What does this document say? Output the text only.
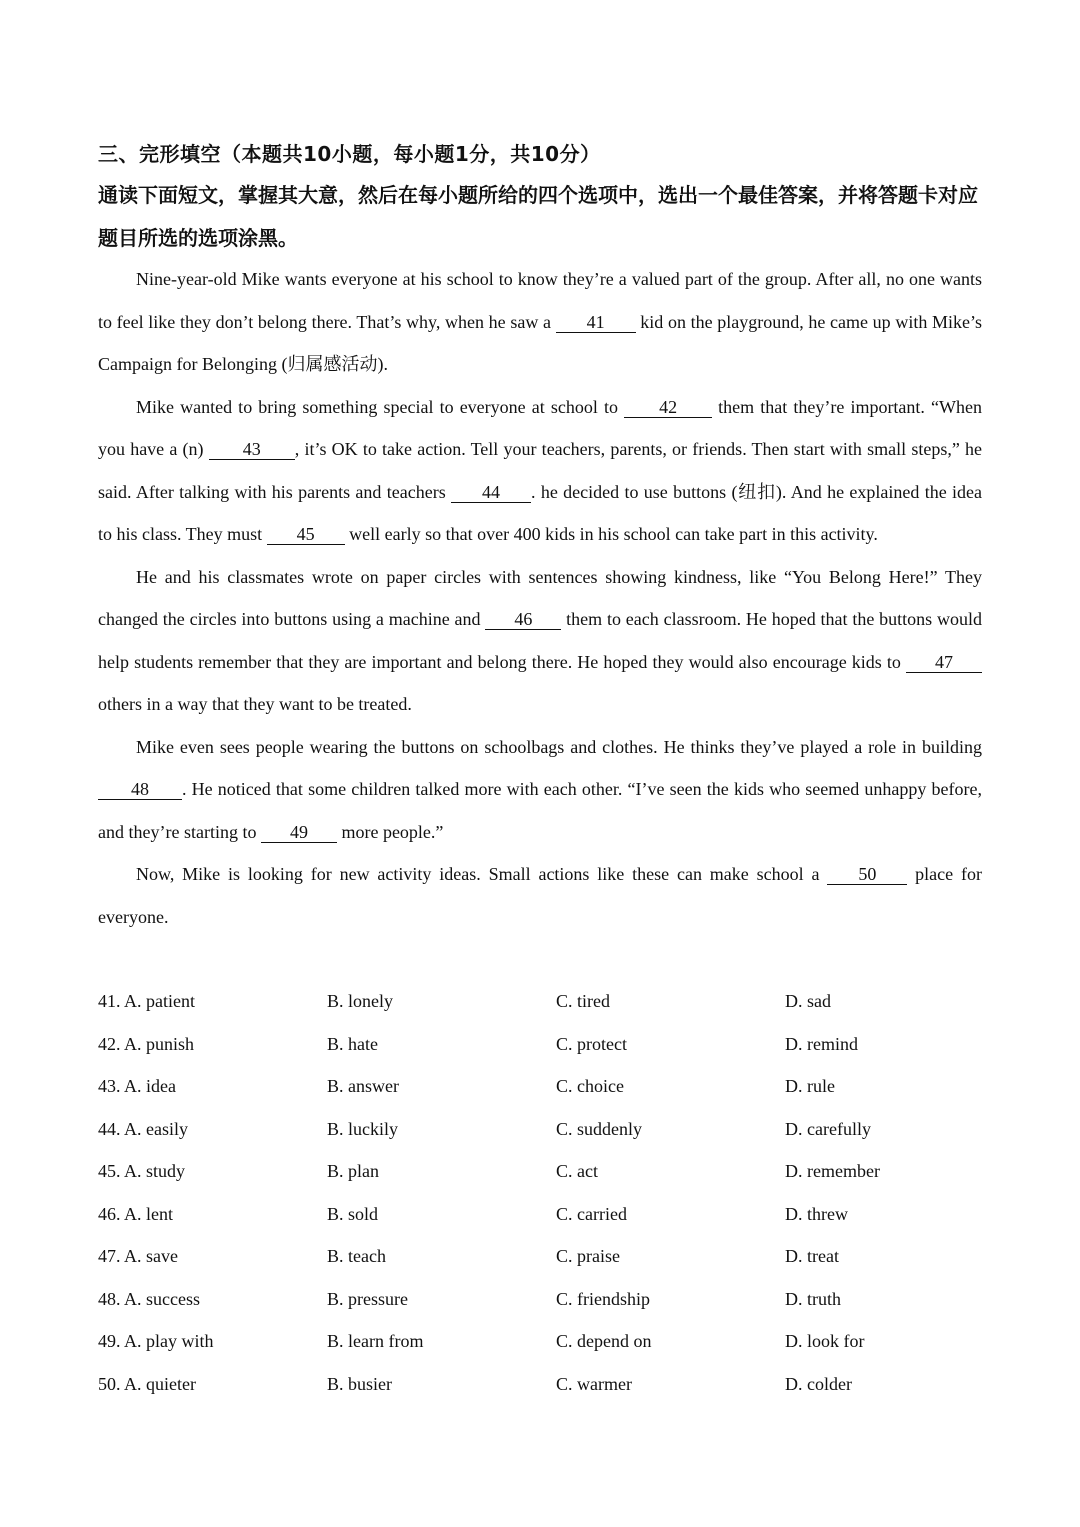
三、完形填空（本题共10小题，每小题1分，共10分）
通读下面短文，掌握其大意，然后在每小题所给的四个选项中，选出一个最佳答案，并将答题卡对应题目所选的选项涂黑。

Nine-year-old Mike wants everyone at his school to know they’re a valued part of the group. After all, no one wants to feel like they don’t belong there. That’s why, when he saw a 41 kid on the playground, he came up with Mike’s Campaign for Belonging (归属感活动).

Mike wanted to bring something special to everyone at school to 42 them that they’re important. “When you have a (n) 43 , it’s OK to take action. Tell your teachers, parents, or friends. Then start with small steps,” he said. After talking with his parents and teachers 44 . he decided to use buttons (纽扣). And he explained the idea to his class. They must 45 well early so that over 400 kids in his school can take part in this activity.

He and his classmates wrote on paper circles with sentences showing kindness, like “You Belong Here!” They changed the circles into buttons using a machine and 46 them to each classroom. He hoped that the buttons would help students remember that they are important and belong there. He hoped they would also encourage kids to 47 others in a way that they want to be treated.

Mike even sees people wearing the buttons on schoolbags and clothes. He thinks they’ve played a role in building 48 . He noticed that some children talked more with each other. “I’ve seen the kids who seemed unhappy before, and they’re starting to 49 more people.”

Now, Mike is looking for new activity ideas. Small actions like these can make school a 50 place for everyone.

41. A. patient	B. lonely	C. tired	D. sad
42. A. punish	B. hate	C. protect	D. remind
43. A. idea	B. answer	C. choice	D. rule
44. A. easily	B. luckily	C. suddenly	D. carefully
45. A. study	B. plan	C. act	D. remember
46. A. lent	B. sold	C. carried	D. threw
47. A. save	B. teach	C. praise	D. treat
48. A. success	B. pressure	C. friendship	D. truth
49. A. play with	B. learn from	C. depend on	D. look for
50. A. quieter	B. busier	C. warmer	D. colder
